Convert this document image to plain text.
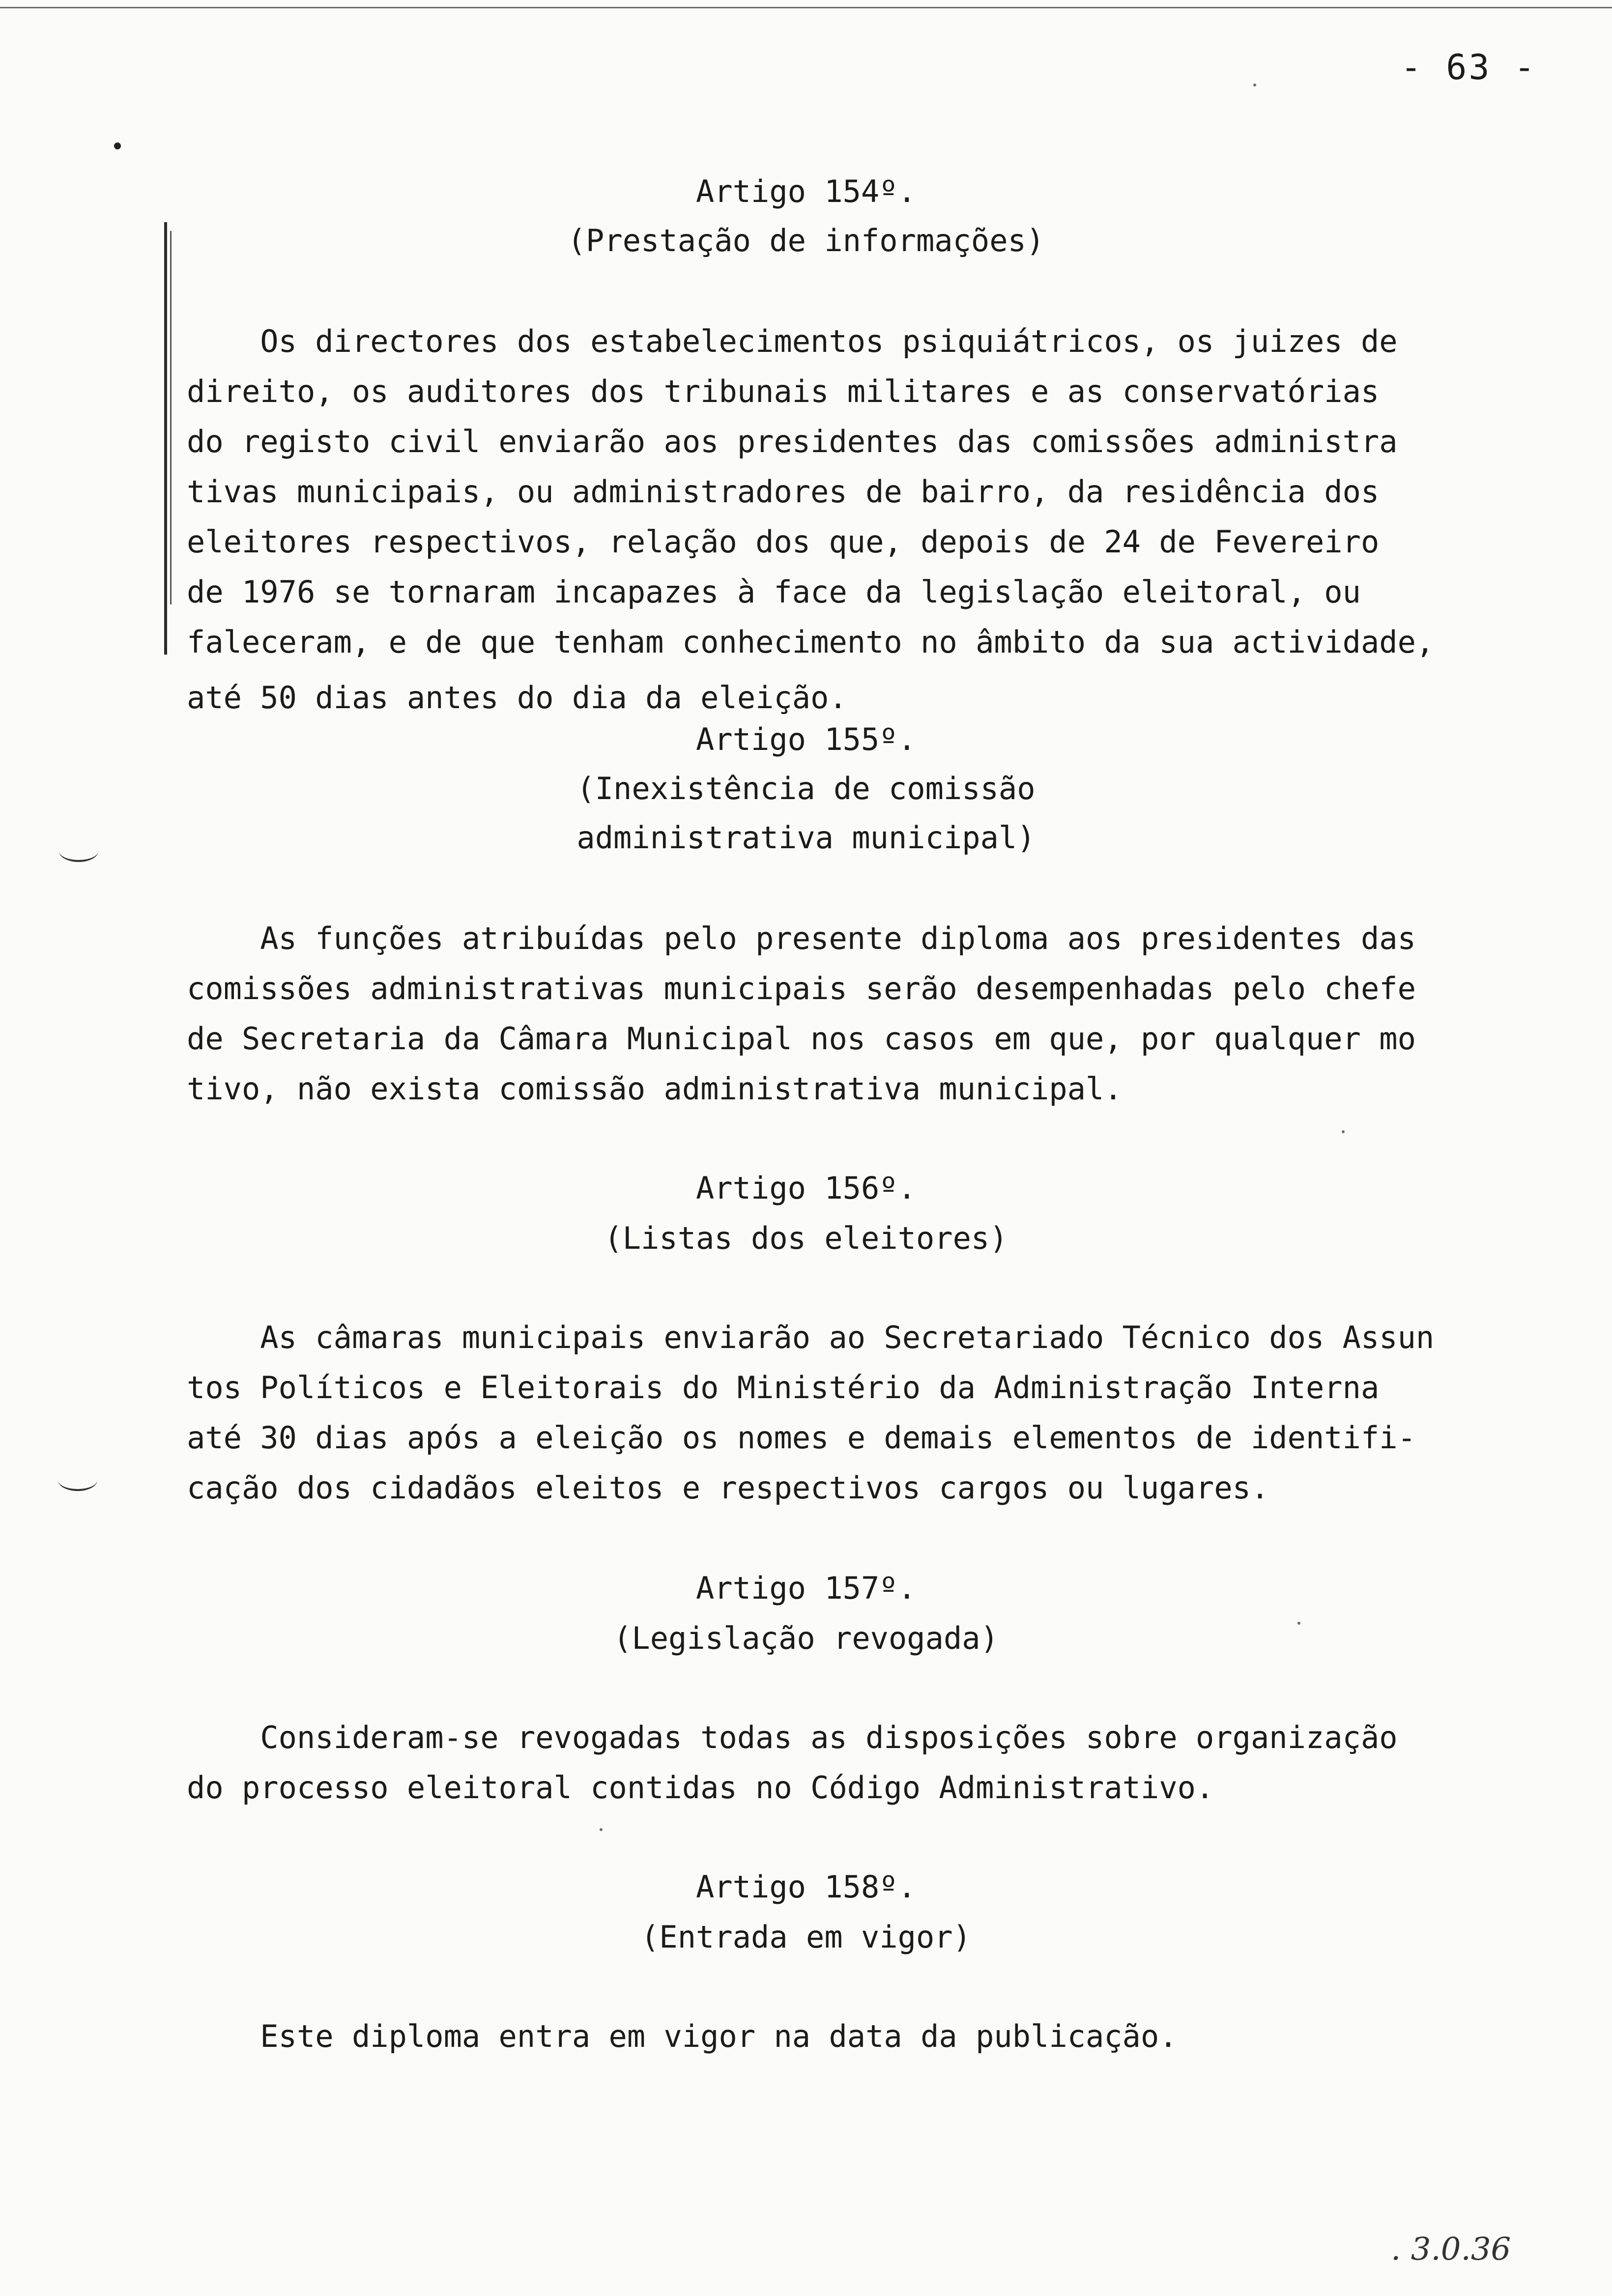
- 63 -
Artigo 154º.
(Prestação de informações)
Os directores dos estabelecimentos psiquiátricos, os juizes de
direito, os auditores dos tribunais militares e as conservatórias
do registo civil enviarão aos presidentes das comissões administra
tivas municipais, ou administradores de bairro, da residência dos
eleitores respectivos, relação dos que, depois de 24 de Fevereiro
de 1976 se tornaram incapazes à face da legislação eleitoral, ou
faleceram, e de que tenham conhecimento no âmbito da sua actividade,
até 50 dias antes do dia da eleição.
Artigo 155º.
(Inexistência de comissão
administrativa municipal)
As funções atribuídas pelo presente diploma aos presidentes das
comissões administrativas municipais serão desempenhadas pelo chefe
de Secretaria da Câmara Municipal nos casos em que, por qualquer mo
tivo, não exista comissão administrativa municipal.
Artigo 156º.
(Listas dos eleitores)
As câmaras municipais enviarão ao Secretariado Técnico dos Assun
tos Políticos e Eleitorais do Ministério da Administração Interna
até 30 dias após a eleição os nomes e demais elementos de identifi-
cação dos cidadãos eleitos e respectivos cargos ou lugares.
Artigo 157º.
(Legislação revogada)
Consideram-se revogadas todas as disposições sobre organização
do processo eleitoral contidas no Código Administrativo.
Artigo 158º.
(Entrada em vigor)
Este diploma entra em vigor na data da publicação.
. 3.0.36
